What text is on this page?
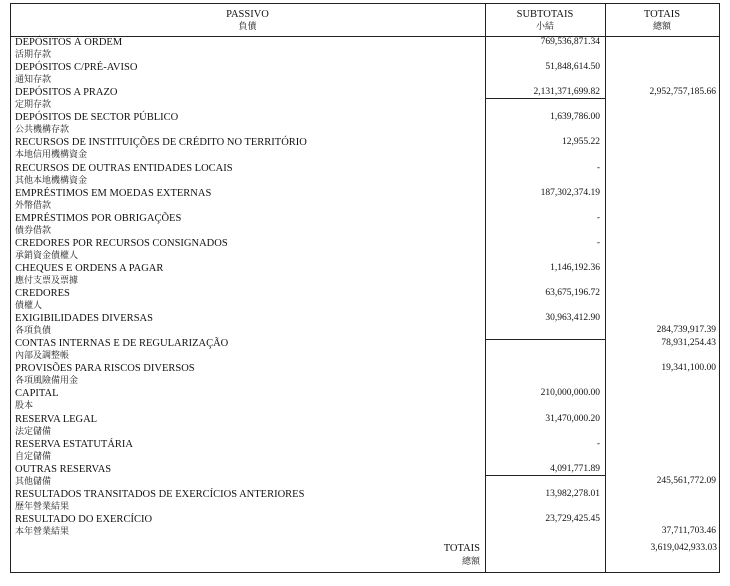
PASSIVO
負債
SUBTOTAIS
小結
TOTAIS
總額
DEPÓSITOS À ORDEM
活期存款
769,536,871.34
DEPÓSITOS C/PRÉ-AVISO
通知存款
51,848,614.50
DEPÓSITOS A PRAZO
定期存款
2,131,371,699.82	2,952,757,185.66
DEPÓSITOS DE SECTOR PÚBLICO
公共機構存款
1,639,786.00
RECURSOS DE INSTITUIÇÕES DE CRÉDITO NO TERRITÓRIO
本地信用機構資金
12,955.22
RECURSOS DE OUTRAS ENTIDADES LOCAIS
其他本地機構資金
-
EMPRÉSTIMOS EM MOEDAS EXTERNAS
外幣借款
187,302,374.19
EMPRÉSTIMOS POR OBRIGAÇÕES
債券借款
-
CREDORES POR RECURSOS CONSIGNADOS
承銷資金債權人
-
CHEQUES E ORDENS A PAGAR
應付支票及票據
1,146,192.36
CREDORES
債權人
63,675,196.72
EXIGIBILIDADES DIVERSAS
各項負債
30,963,412.90
284,739,917.39
CONTAS INTERNAS E DE REGULARIZAÇÃO
內部及調整帳
78,931,254.43
PROVISÕES PARA RISCOS DIVERSOS
各項風險備用金
19,341,100.00
CAPITAL
股本
210,000,000.00
RESERVA LEGAL
法定儲備
31,470,000.20
RESERVA ESTATUTÁRIA
自定儲備
-
OUTRAS RESERVAS
其他儲備
4,091,771.89
245,561,772.09
RESULTADOS TRANSITADOS DE EXERCÍCIOS ANTERIORES
歷年營業結果
13,982,278.01
RESULTADO DO EXERCÍCIO
本年營業結果
23,729,425.45
37,711,703.46
TOTAIS
總額
3,619,042,933.03
